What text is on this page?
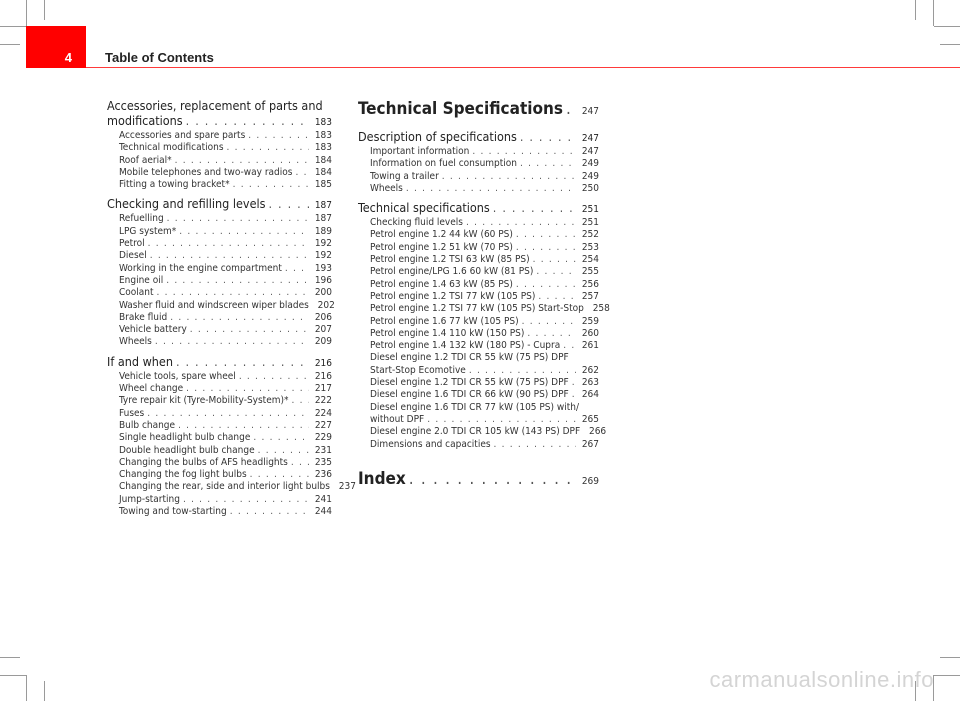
4	Table of Contents
Accessories, replacement of parts and
modifications . . .	183
Accessories and spare parts . . .	183
Technical modifications . . .	183
Roof aerial* . . .	184
Mobile telephones and two-way radios . . . 184
Fitting a towing bracket* . . .	185
Checking and refilling levels . . .	187
Refuelling . . .	187
LPG system* . . .	189
Petrol . . .	192
Diesel . . .	192
Working in the engine compartment . . .	193
Engine oil . . .	196
Coolant . . .	200
Washer fluid and windscreen wiper blades 202
Brake fluid . . .	206
Vehicle battery . . .	207
Wheels . . .	209
If and when . . .	216
Vehicle tools, spare wheel . . .	216
Wheel change . . .	217
Tyre repair kit (Tyre-Mobility-System)* . . .	222
Fuses . . .	224
Bulb change . . .	227
Single headlight bulb change . . .	229
Double headlight bulb change . . .	231
Changing the bulbs of AFS headlights . . .	235
Changing the fog light bulbs . . .	236
Changing the rear, side and interior light bulbs 237
Jump-starting . . .	241
Towing and tow-starting . . .	244
Technical Specifications . . . 247
Description of specifications . . .	247
Important information . . .	247
Information on fuel consumption . . .	249
Towing a trailer . . .	249
Wheels . . .	250
Technical specifications . . .	251
Checking fluid levels . . .	251
Petrol engine 1.2 44 kW (60 PS) . . .	252
Petrol engine 1.2 51 kW (70 PS) . . .	253
Petrol engine 1.2 TSI 63 kW (85 PS) . . .	254
Petrol engine/LPG 1.6 60 kW (81 PS) . . .	255
Petrol engine 1.4 63 kW (85 PS) . . .	256
Petrol engine 1.2 TSI 77 kW (105 PS) . . .	257
Petrol engine 1.2 TSI 77 kW (105 PS) Start-Stop 258
Petrol engine 1.6 77 kW (105 PS) . . .	259
Petrol engine 1.4 110 kW (150 PS) . . .	260
Petrol engine 1.4 132 kW (180 PS) - Cupra . . . 261
Diesel engine 1.2 TDI CR 55 kW (75 PS) DPF
Start-Stop Ecomotive . . .	262
Diesel engine 1.2 TDI CR 55 kW (75 PS) DPF . . . 263
Diesel engine 1.6 TDI CR 66 kW (90 PS) DPF . . . 264
Diesel engine 1.6 TDI CR 77 kW (105 PS) with/
without DPF . . .	265
Diesel engine 2.0 TDI CR 105 kW (143 PS) DPF 266
Dimensions and capacities . . .	267
Index . . .	269
carmanualsonline.info
